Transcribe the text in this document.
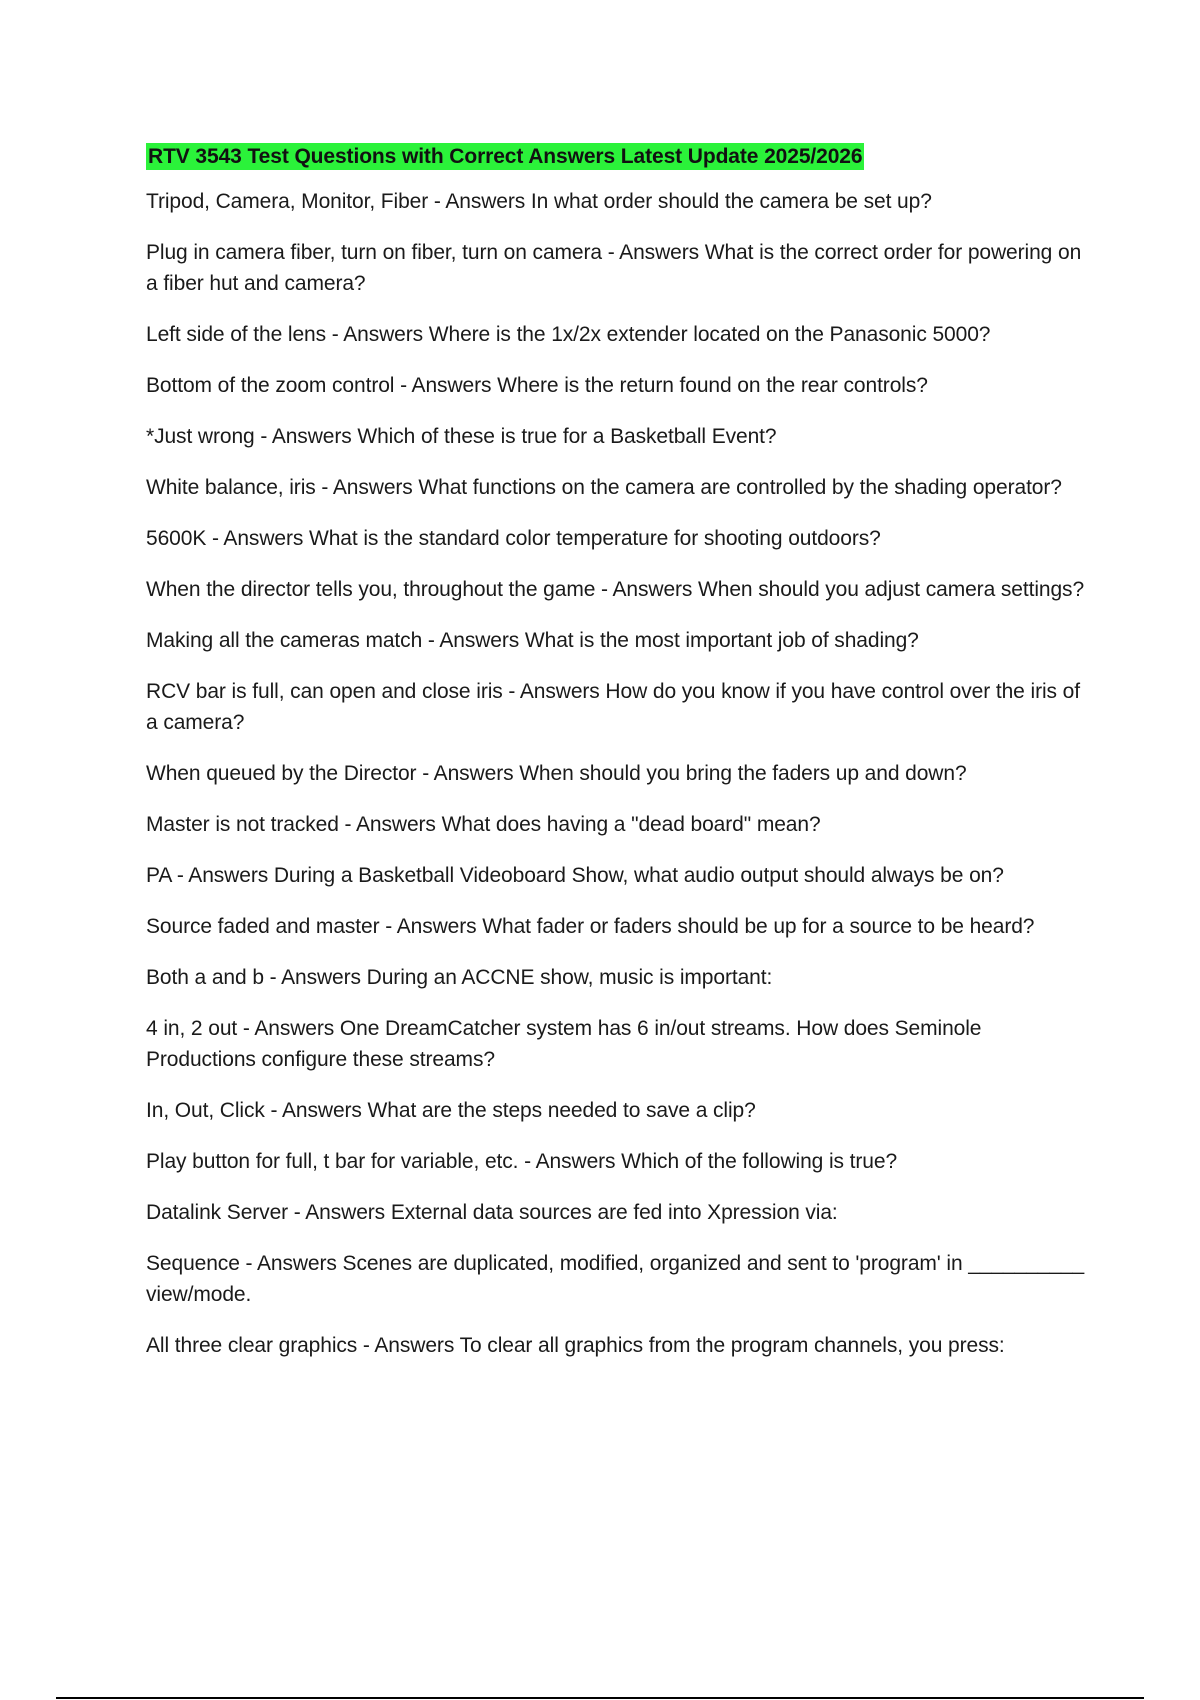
RTV 3543 Test Questions with Correct Answers Latest Update 2025/2026
Tripod, Camera, Monitor, Fiber - Answers In what order should the camera be set up?
Plug in camera fiber, turn on fiber, turn on camera - Answers What is the correct order for powering on a fiber hut and camera?
Left side of the lens - Answers Where is the 1x/2x extender located on the Panasonic 5000?
Bottom of the zoom control - Answers Where is the return found on the rear controls?
*Just wrong - Answers Which of these is true for a Basketball Event?
White balance, iris - Answers What functions on the camera are controlled by the shading operator?
5600K - Answers What is the standard color temperature for shooting outdoors?
When the director tells you, throughout the game - Answers When should you adjust camera settings?
Making all the cameras match - Answers What is the most important job of shading?
RCV bar is full, can open and close iris - Answers How do you know if you have control over the iris of a camera?
When queued by the Director - Answers When should you bring the faders up and down?
Master is not tracked - Answers What does having a "dead board" mean?
PA - Answers During a Basketball Videoboard Show, what audio output should always be on?
Source faded and master - Answers What fader or faders should be up for a source to be heard?
Both a and b - Answers During an ACCNE show, music is important:
4 in, 2 out - Answers One DreamCatcher system has 6 in/out streams. How does Seminole Productions configure these streams?
In, Out, Click - Answers What are the steps needed to save a clip?
Play button for full, t bar for variable, etc. - Answers Which of the following is true?
Datalink Server - Answers External data sources are fed into Xpression via:
Sequence - Answers Scenes are duplicated, modified, organized and sent to 'program' in __________ view/mode.
All three clear graphics - Answers To clear all graphics from the program channels, you press:
